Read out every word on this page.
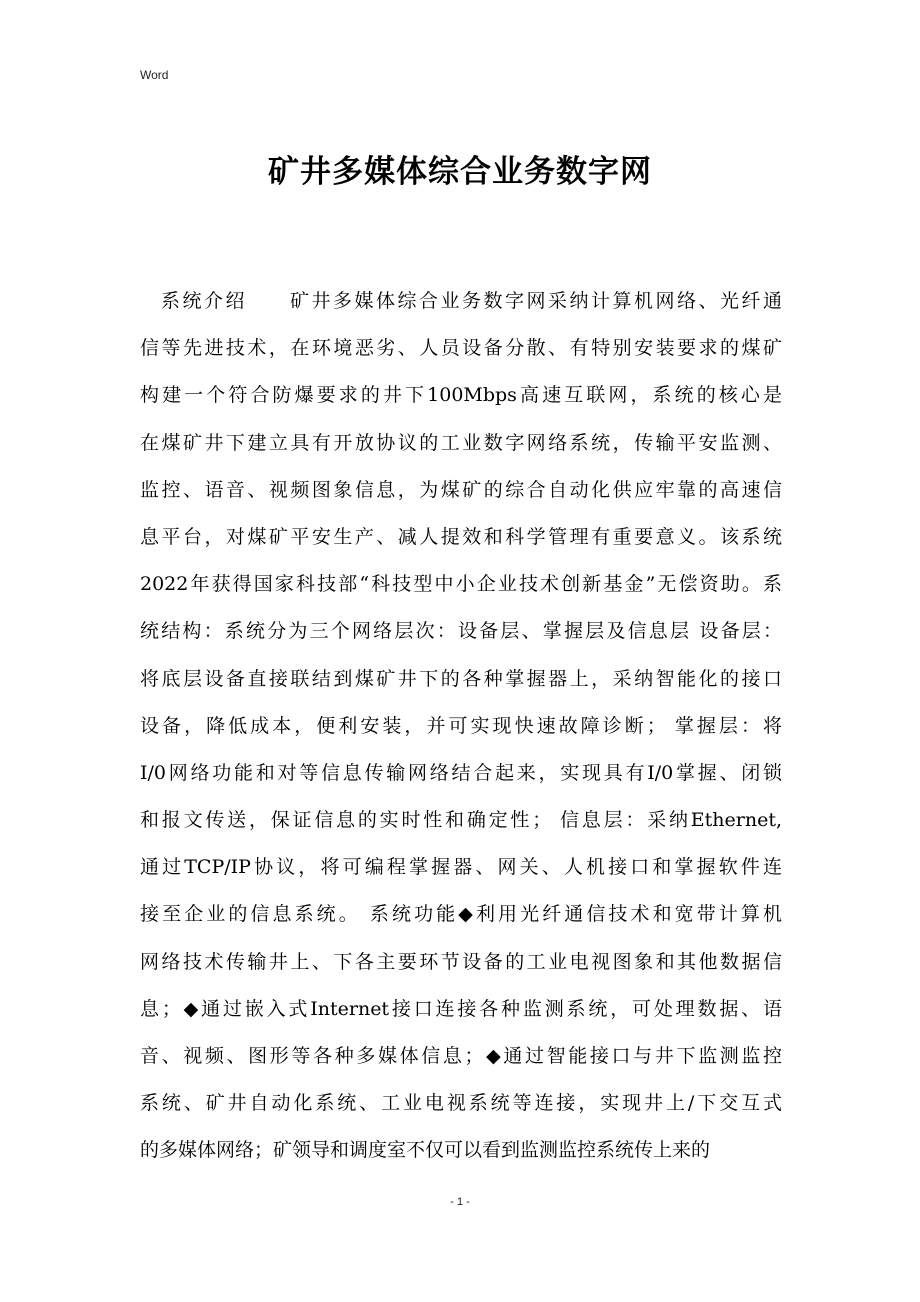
Word
矿井多媒体综合业务数字网
系统介绍　　矿井多媒体综合业务数字网采纳计算机网络、光纤通
信等先进技术，在环境恶劣、人员设备分散、有特别安装要求的煤矿
构建一个符合防爆要求的井下100Mbps高速互联网，系统的核心是
在煤矿井下建立具有开放协议的工业数字网络系统，传输平安监测、
监控、语音、视频图象信息，为煤矿的综合自动化供应牢靠的高速信
息平台，对煤矿平安生产、减人提效和科学管理有重要意义。该系统
2022年获得国家科技部“科技型中小企业技术创新基金”无偿资助。系
统结构：系统分为三个网络层次：设备层、掌握层及信息层 设备层：
将底层设备直接联结到煤矿井下的各种掌握器上，采纳智能化的接口
设备，降低成本，便利安装，并可实现快速故障诊断； 掌握层：将
I/0网络功能和对等信息传输网络结合起来，实现具有I/0掌握、闭锁
和报文传送，保证信息的实时性和确定性； 信息层：采纳Ethernet,
通过TCP/IP协议，将可编程掌握器、网关、人机接口和掌握软件连
接至企业的信息系统。 系统功能◆利用光纤通信技术和宽带计算机
网络技术传输井上、下各主要环节设备的工业电视图象和其他数据信
息；◆通过嵌入式Internet接口连接各种监测系统，可处理数据、语
音、视频、图形等各种多媒体信息；◆通过智能接口与井下监测监控
系统、矿井自动化系统、工业电视系统等连接，实现井上/下交互式
的多媒体网络；矿领导和调度室不仅可以看到监测监控系统传上来的
- 1 -
